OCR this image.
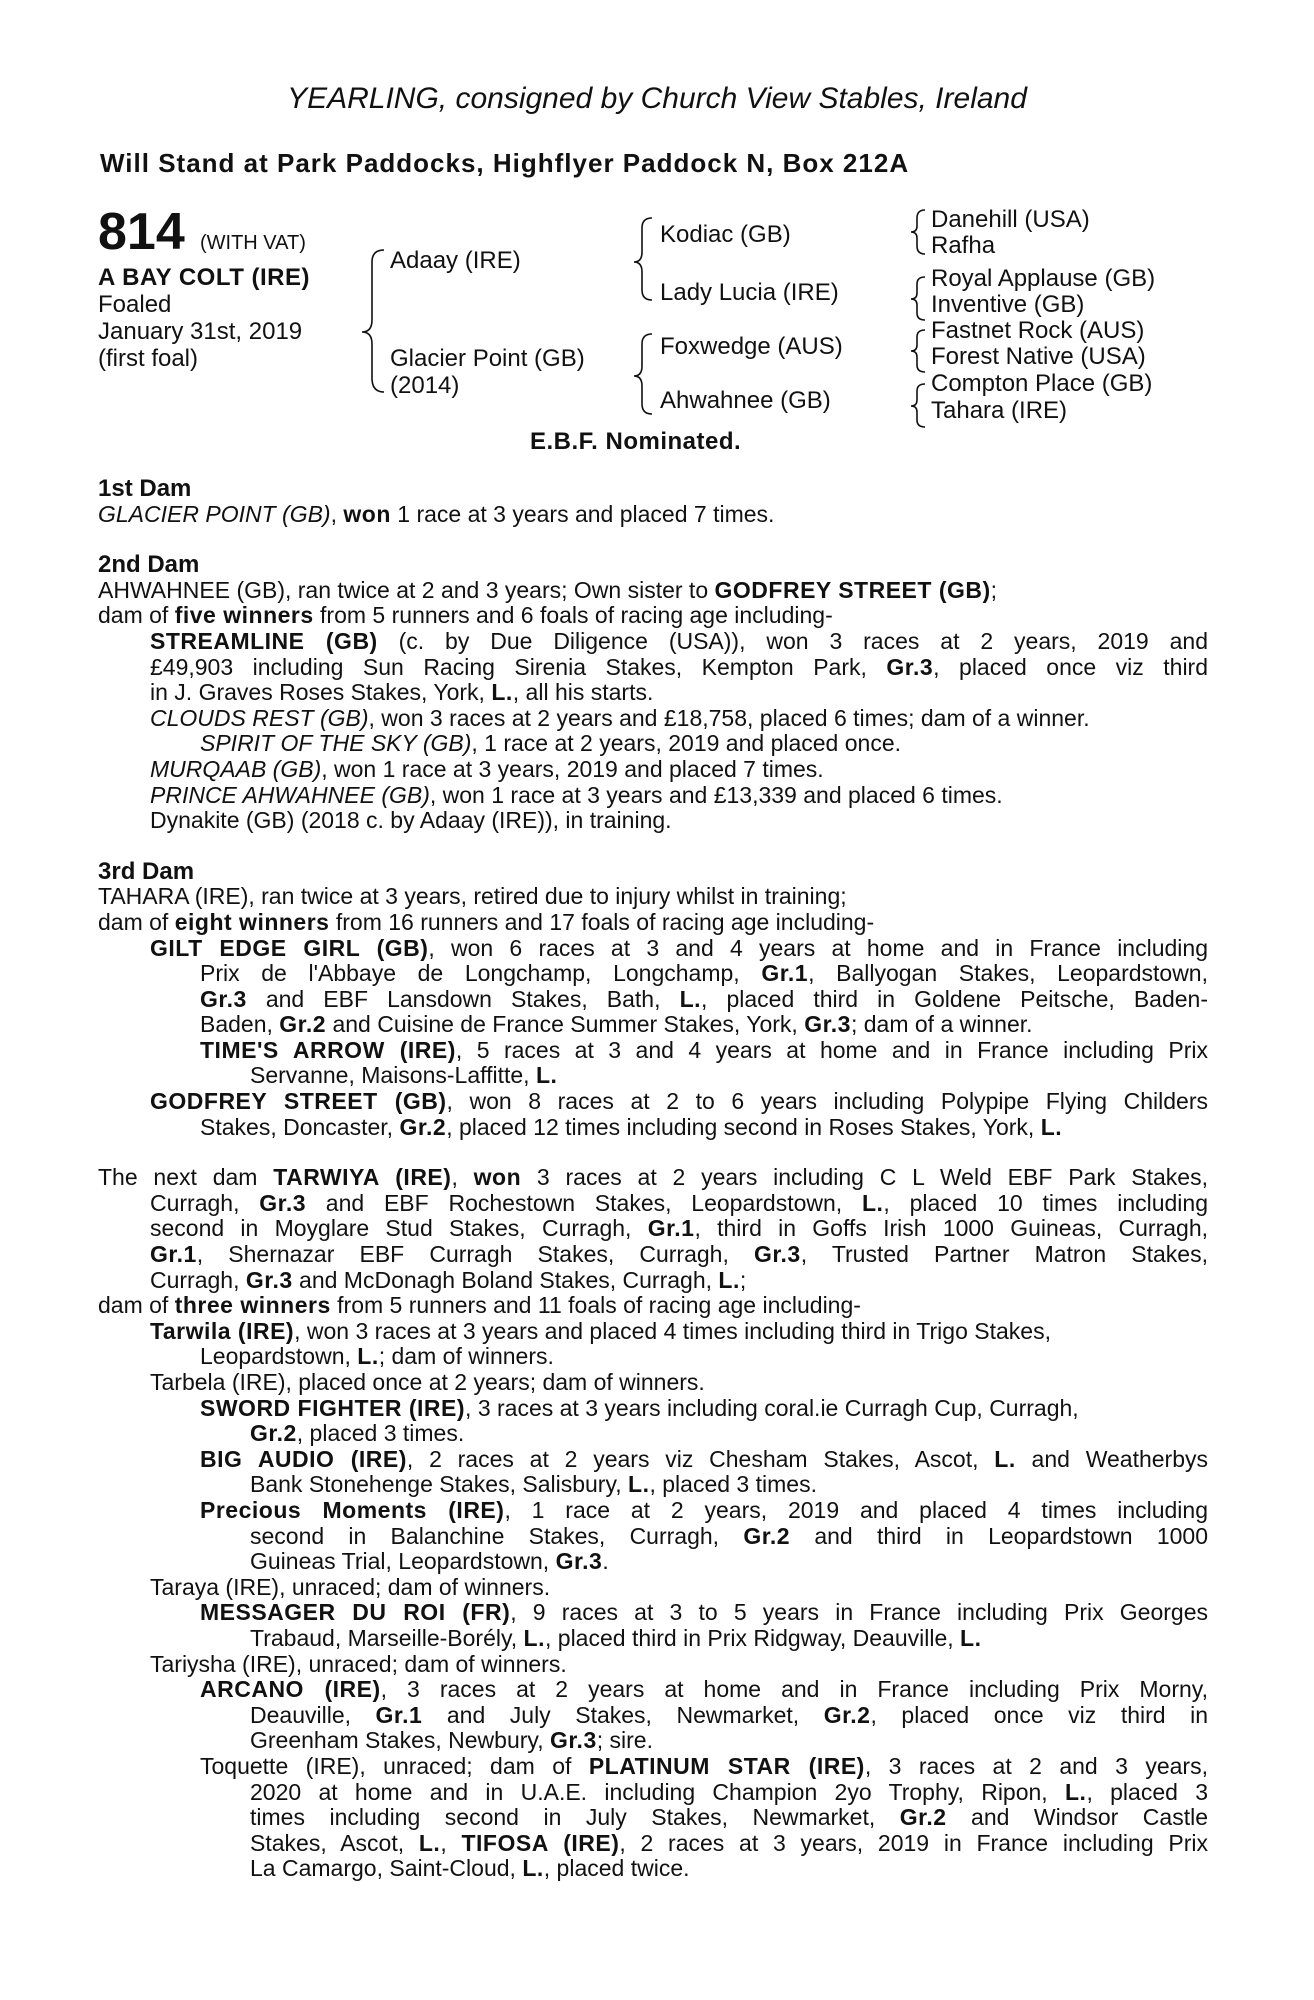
YEARLING, consigned by Church View Stables, Ireland
Will Stand at Park Paddocks, Highflyer Paddock N, Box 212A
814 (WITH VAT)
A BAY COLT (IRE)
Foaled
January 31st, 2019
(first foal)
Adaay (IRE)
Glacier Point (GB)
(2014)
Kodiac (GB)
Lady Lucia (IRE)
Foxwedge (AUS)
Ahwahnee (GB)
Danehill (USA)
Rafha
Royal Applause (GB)
Inventive (GB)
Fastnet Rock (AUS)
Forest Native (USA)
Compton Place (GB)
Tahara (IRE)
E.B.F. Nominated.
1st Dam
GLACIER POINT (GB), won 1 race at 3 years and placed 7 times.
2nd Dam
AHWAHNEE (GB), ran twice at 2 and 3 years; Own sister to GODFREY STREET (GB);
dam of five winners from 5 runners and 6 foals of racing age including-
STREAMLINE (GB) (c. by Due Diligence (USA)), won 3 races at 2 years, 2019 and
£49,903 including Sun Racing Sirenia Stakes, Kempton Park, Gr.3, placed once viz third
in J. Graves Roses Stakes, York, L., all his starts.
CLOUDS REST (GB), won 3 races at 2 years and £18,758, placed 6 times; dam of a winner.
SPIRIT OF THE SKY (GB), 1 race at 2 years, 2019 and placed once.
MURQAAB (GB), won 1 race at 3 years, 2019 and placed 7 times.
PRINCE AHWAHNEE (GB), won 1 race at 3 years and £13,339 and placed 6 times.
Dynakite (GB) (2018 c. by Adaay (IRE)), in training.
3rd Dam
TAHARA (IRE), ran twice at 3 years, retired due to injury whilst in training;
dam of eight winners from 16 runners and 17 foals of racing age including-
GILT EDGE GIRL (GB), won 6 races at 3 and 4 years at home and in France including
Prix de l'Abbaye de Longchamp, Longchamp, Gr.1, Ballyogan Stakes, Leopardstown,
Gr.3 and EBF Lansdown Stakes, Bath, L., placed third in Goldene Peitsche, Baden-
Baden, Gr.2 and Cuisine de France Summer Stakes, York, Gr.3; dam of a winner.
TIME'S ARROW (IRE), 5 races at 3 and 4 years at home and in France including Prix
Servanne, Maisons-Laffitte, L.
GODFREY STREET (GB), won 8 races at 2 to 6 years including Polypipe Flying Childers
Stakes, Doncaster, Gr.2, placed 12 times including second in Roses Stakes, York, L.
The next dam TARWIYA (IRE), won 3 races at 2 years including C L Weld EBF Park Stakes,
Curragh, Gr.3 and EBF Rochestown Stakes, Leopardstown, L., placed 10 times including
second in Moyglare Stud Stakes, Curragh, Gr.1, third in Goffs Irish 1000 Guineas, Curragh,
Gr.1, Shernazar EBF Curragh Stakes, Curragh, Gr.3, Trusted Partner Matron Stakes,
Curragh, Gr.3 and McDonagh Boland Stakes, Curragh, L.;
dam of three winners from 5 runners and 11 foals of racing age including-
Tarwila (IRE), won 3 races at 3 years and placed 4 times including third in Trigo Stakes,
Leopardstown, L.; dam of winners.
Tarbela (IRE), placed once at 2 years; dam of winners.
SWORD FIGHTER (IRE), 3 races at 3 years including coral.ie Curragh Cup, Curragh,
Gr.2, placed 3 times.
BIG AUDIO (IRE), 2 races at 2 years viz Chesham Stakes, Ascot, L. and Weatherbys
Bank Stonehenge Stakes, Salisbury, L., placed 3 times.
Precious Moments (IRE), 1 race at 2 years, 2019 and placed 4 times including
second in Balanchine Stakes, Curragh, Gr.2 and third in Leopardstown 1000
Guineas Trial, Leopardstown, Gr.3.
Taraya (IRE), unraced; dam of winners.
MESSAGER DU ROI (FR), 9 races at 3 to 5 years in France including Prix Georges
Trabaud, Marseille-Borély, L., placed third in Prix Ridgway, Deauville, L.
Tariysha (IRE), unraced; dam of winners.
ARCANO (IRE), 3 races at 2 years at home and in France including Prix Morny,
Deauville, Gr.1 and July Stakes, Newmarket, Gr.2, placed once viz third in
Greenham Stakes, Newbury, Gr.3; sire.
Toquette (IRE), unraced; dam of PLATINUM STAR (IRE), 3 races at 2 and 3 years,
2020 at home and in U.A.E. including Champion 2yo Trophy, Ripon, L., placed 3
times including second in July Stakes, Newmarket, Gr.2 and Windsor Castle
Stakes, Ascot, L., TIFOSA (IRE), 2 races at 3 years, 2019 in France including Prix
La Camargo, Saint-Cloud, L., placed twice.
